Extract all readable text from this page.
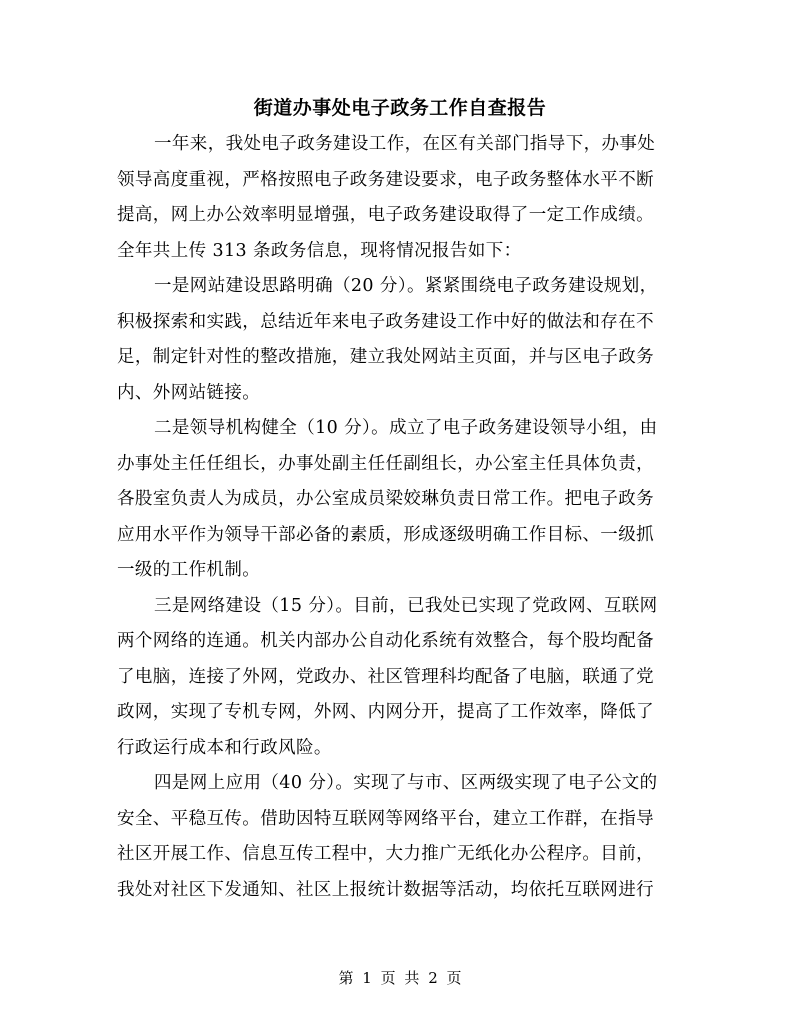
街道办事处电子政务工作自查报告
一年来，我处电子政务建设工作，在区有关部门指导下，办事处
领导高度重视，严格按照电子政务建设要求，电子政务整体水平不断
提高，网上办公效率明显增强，电子政务建设取得了一定工作成绩。
全年共上传 313 条政务信息，现将情况报告如下：
一是网站建设思路明确（20 分）。紧紧围绕电子政务建设规划，
积极探索和实践，总结近年来电子政务建设工作中好的做法和存在不
足，制定针对性的整改措施，建立我处网站主页面，并与区电子政务
内、外网站链接。
二是领导机构健全（10 分）。成立了电子政务建设领导小组，由
办事处主任任组长，办事处副主任任副组长，办公室主任具体负责，
各股室负责人为成员，办公室成员梁姣琳负责日常工作。把电子政务
应用水平作为领导干部必备的素质，形成逐级明确工作目标、一级抓
一级的工作机制。
三是网络建设（15 分）。目前，已我处已实现了党政网、互联网
两个网络的连通。机关内部办公自动化系统有效整合，每个股均配备
了电脑，连接了外网，党政办、社区管理科均配备了电脑，联通了党
政网，实现了专机专网，外网、内网分开，提高了工作效率，降低了
行政运行成本和行政风险。
四是网上应用（40 分）。实现了与市、区两级实现了电子公文的
安全、平稳互传。借助因特互联网等网络平台，建立工作群，在指导
社区开展工作、信息互传工程中，大力推广无纸化办公程序。目前，
我处对社区下发通知、社区上报统计数据等活动，均依托互联网进行
第 1 页 共 2 页
